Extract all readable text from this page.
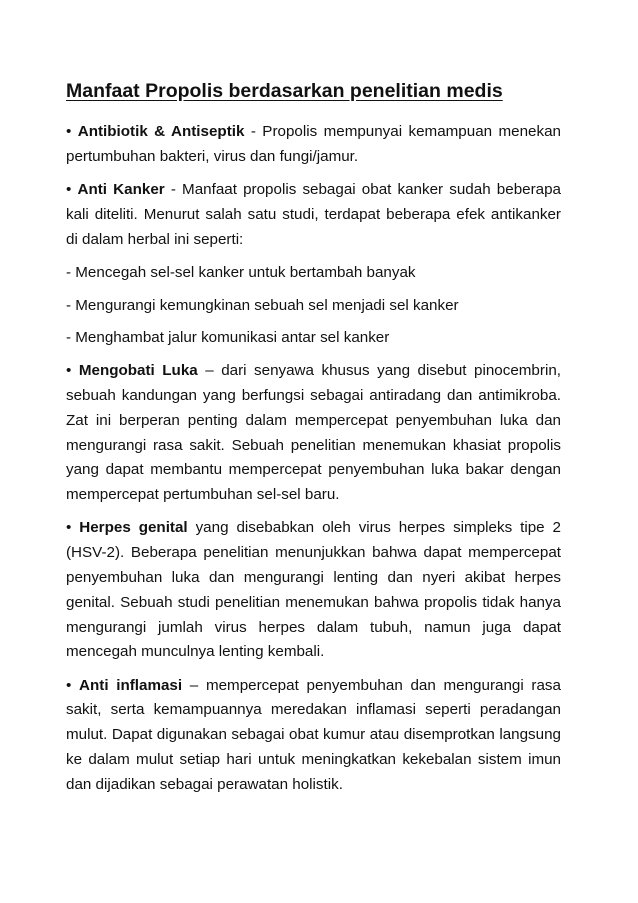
Manfaat Propolis berdasarkan penelitian medis

• Antibiotik & Antiseptik - Propolis mempunyai kemampuan menekan pertumbuhan bakteri, virus dan fungi/jamur.

• Anti Kanker - Manfaat propolis sebagai obat kanker sudah beberapa kali diteliti. Menurut salah satu studi, terdapat beberapa efek antikanker di dalam herbal ini seperti:

- Mencegah sel-sel kanker untuk bertambah banyak

- Mengurangi kemungkinan sebuah sel menjadi sel kanker

- Menghambat jalur komunikasi antar sel kanker

• Mengobati Luka – dari senyawa khusus yang disebut pinocembrin, sebuah kandungan yang berfungsi sebagai antiradang dan antimikroba. Zat ini berperan penting dalam mempercepat penyembuhan luka dan mengurangi rasa sakit. Sebuah penelitian menemukan khasiat propolis yang dapat membantu mempercepat penyembuhan luka bakar dengan mempercepat pertumbuhan sel-sel baru.

• Herpes genital yang disebabkan oleh virus herpes simpleks tipe 2 (HSV-2). Beberapa penelitian menunjukkan bahwa dapat mempercepat penyembuhan luka dan mengurangi lenting dan nyeri akibat herpes genital. Sebuah studi penelitian menemukan bahwa propolis tidak hanya mengurangi jumlah virus herpes dalam tubuh, namun juga dapat mencegah munculnya lenting kembali.

• Anti inflamasi – mempercepat penyembuhan dan mengurangi rasa sakit, serta kemampuannya meredakan inflamasi seperti peradangan mulut. Dapat digunakan sebagai obat kumur atau disemprotkan langsung ke dalam mulut setiap hari untuk meningkatkan kekebalan sistem imun dan dijadikan sebagai perawatan holistik.
